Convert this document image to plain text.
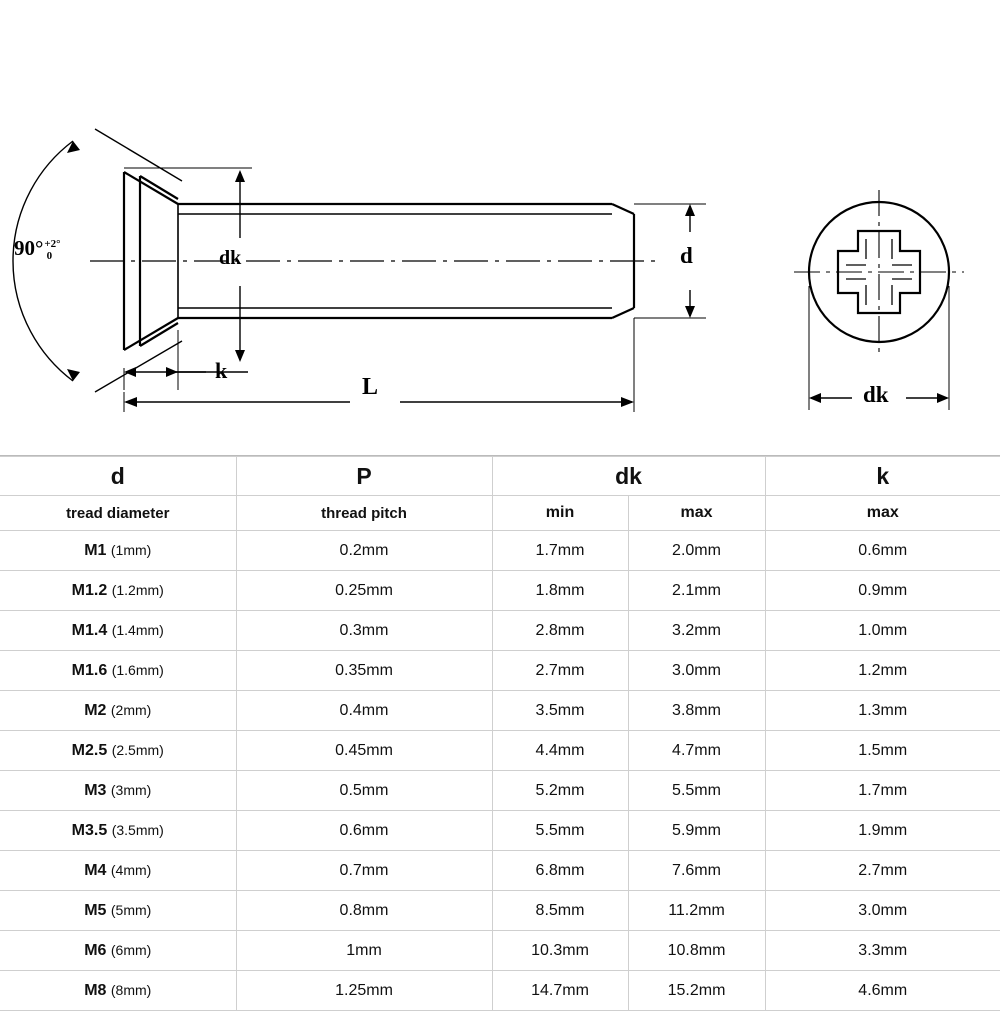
90°$^{+2^\circ}$0	dk
k
L
d
dk
d	P	dk		k
tread diameter	thread pitch	min	max	max
M1 (1mm)	0.2mm	1.7mm	2.0mm	0.6mm
M1.2 (1.2mm)	0.25mm	1.8mm	2.1mm	0.9mm
M1.4 (1.4mm)	0.3mm	2.8mm	3.2mm	1.0mm
M1.6 (1.6mm)	0.35mm	2.7mm	3.0mm	1.2mm
M2 (2mm)	0.4mm	3.5mm	3.8mm	1.3mm
M2.5 (2.5mm)	0.45mm	4.4mm	4.7mm	1.5mm
M3 (3mm)	0.5mm	5.2mm	5.5mm	1.7mm
M3.5 (3.5mm)	0.6mm	5.5mm	5.9mm	1.9mm
M4 (4mm)	0.7mm	6.8mm	7.6mm	2.7mm
M5 (5mm)	0.8mm	8.5mm	11.2mm	3.0mm
M6 (6mm)	1mm	10.3mm	10.8mm	3.3mm
M8 (8mm)	1.25mm	14.7mm	15.2mm	4.6mm
